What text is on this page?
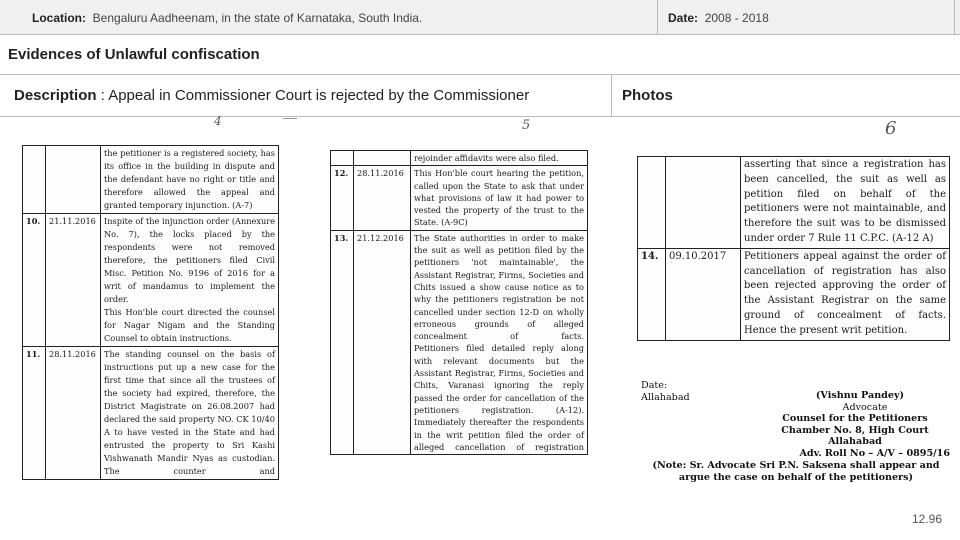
Location: Bengaluru Aadheenam, in the state of Karnataka, South India.	Date: 2008 - 2018
Evidences of Unlawful confiscation
Description : Appeal in Commissioner Court is rejected by the Commissioner	Photos
4	5	6

		the petitioner is a registered society, has its office in the building in dispute and the defendant have no right or title and therefore allowed the appeal and granted temporary injunction. (A-7)

10.	21.11.2016	Inspite of the injunction order (Annexure No. 7), the locks placed by the respondents were not removed therefore, the petitioners filed Civil Misc. Petition No. 9196 of 2016 for a writ of mandamus to implement the order.

This Hon'ble court directed the counsel for Nagar Nigam and the Standing Counsel to obtain instructions.

11.	28.11.2016	The standing counsel on the basis of instructions put up a new case for the first time that since all the trustees of the society had expired, therefore, the District Magistrate on 26.08.2007 had declared the said property NO. CK 10/40 A to have vested in the State and had entrusted the property to Sri Kashi Vishwanath Mandir Nyas as custodian. The counter and

		rejoinder affidavits were also filed.

12.	28.11.2016	This Hon'ble court hearing the petition, called upon the State to ask that under what provisions of law it had power to vested the property of the trust to the State. (A-9C)

13.	21.12.2016	The State authorities in order to make the suit as well as petition filed by the petitioners 'not maintainable', the Assistant Registrar, Firms, Societies and Chits issued a show cause notice as to why the petitioners registration be not cancelled under section 12-D on wholly erroneous grounds of alleged concealment of facts.

Petitioners filed detailed reply along with relevant documents but the Assistant Registrar, Firms, Societies and Chits, Varanasi ignoring the reply passed the order for cancellation of the petitioners registration. (A-12).

Immediately thereafter the respondents in the writ petition filed the order of alleged cancellation of registration

		asserting that since a registration has been cancelled, the suit as well as petition filed on behalf of the petitioners were not maintainable, and therefore the suit was to be dismissed under order 7 Rule 11 C.P.C. (A-12 A)

14.	09.10.2017	Petitioners appeal against the order of cancellation of registration has also been rejected approving the order of the Assistant Registrar on the same ground of concealment of facts.

Hence the present writ petition.

Date:
Allahabad	(Vishnu Pandey)
Advocate
Counsel for the Petitioners
Chamber No. 8, High Court
Allahabad
Adv. Roll No – A/V – 0895/16
(Note: Sr. Advocate Sri P.N. Saksena shall appear and argue the case on behalf of the petitioners)
12.96
